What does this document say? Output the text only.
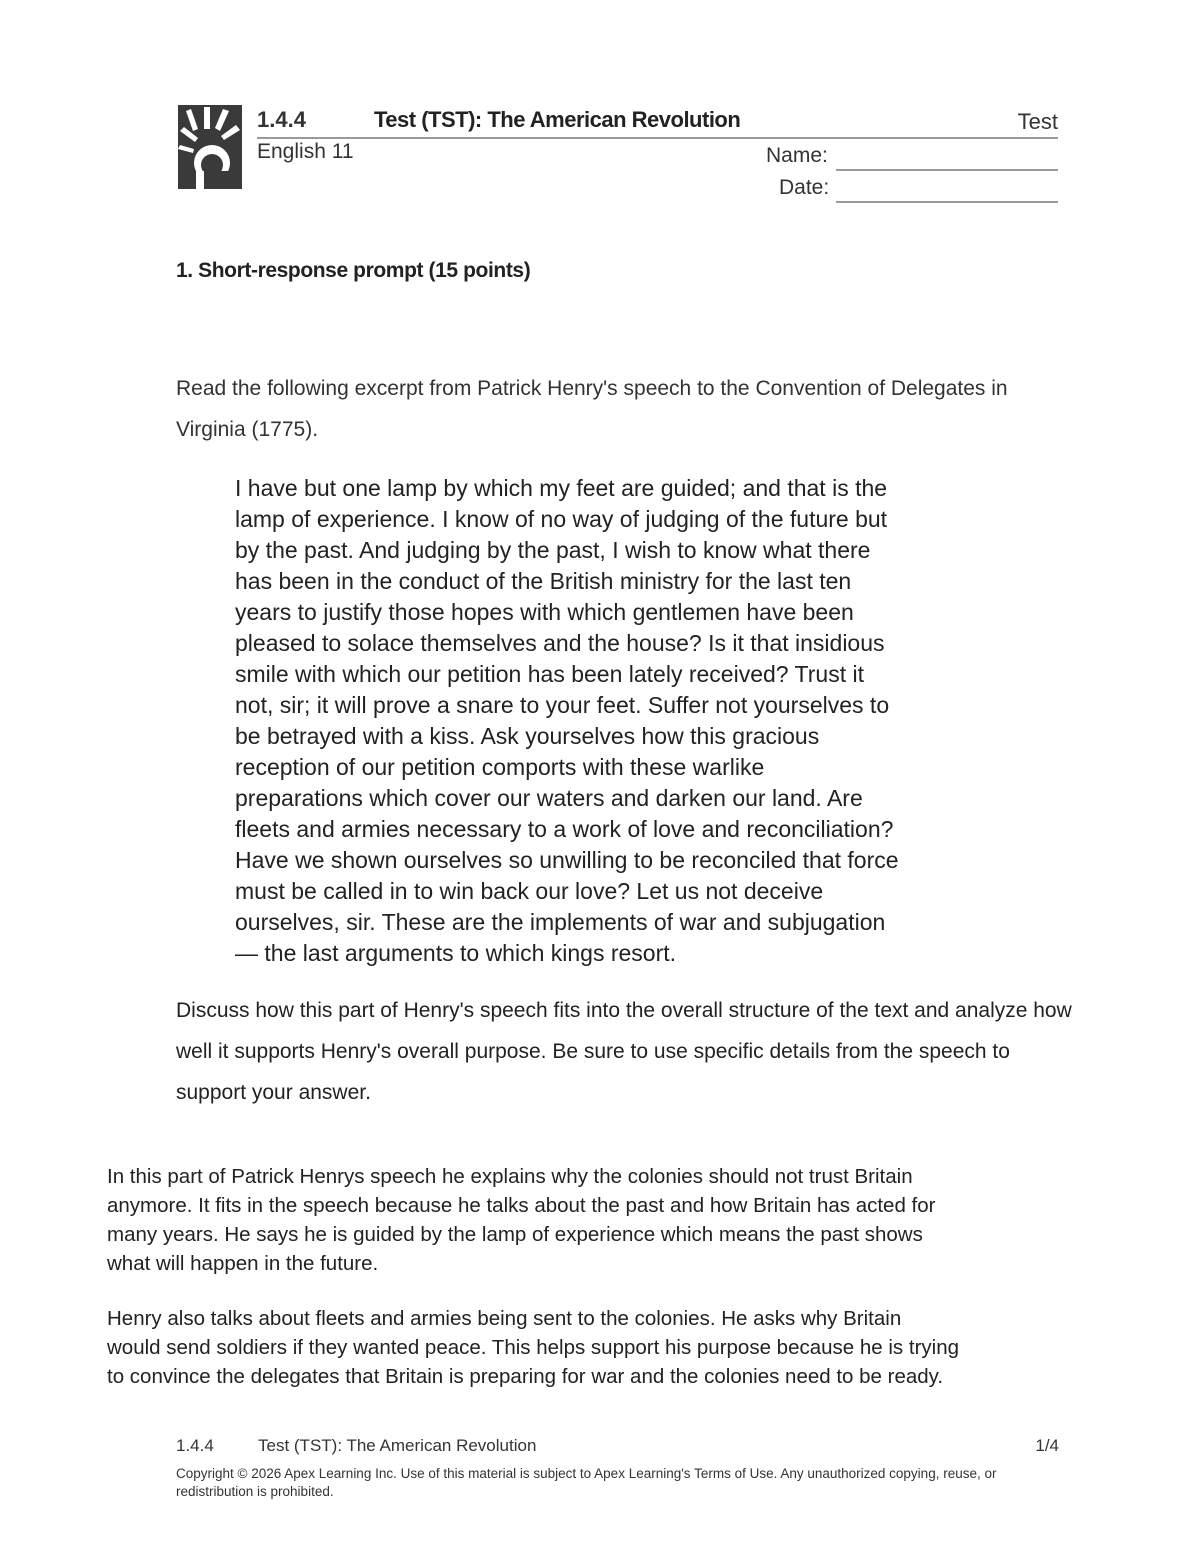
1.4.4	Test (TST): The American Revolution	Test
English 11	Name:
Date:
1. Short-response prompt (15 points)
Read the following excerpt from Patrick Henry's speech to the Convention of Delegates in Virginia (1775).
I have but one lamp by which my feet are guided; and that is the
lamp of experience. I know of no way of judging of the future but
by the past. And judging by the past, I wish to know what there
has been in the conduct of the British ministry for the last ten
years to justify those hopes with which gentlemen have been
pleased to solace themselves and the house? Is it that insidious
smile with which our petition has been lately received? Trust it
not, sir; it will prove a snare to your feet. Suffer not yourselves to
be betrayed with a kiss. Ask yourselves how this gracious
reception of our petition comports with these warlike
preparations which cover our waters and darken our land. Are
fleets and armies necessary to a work of love and reconciliation?
Have we shown ourselves so unwilling to be reconciled that force
must be called in to win back our love? Let us not deceive
ourselves, sir. These are the implements of war and subjugation
— the last arguments to which kings resort.
Discuss how this part of Henry's speech fits into the overall structure of the text and analyze how well it supports Henry's overall purpose. Be sure to use specific details from the speech to support your answer.
In this part of Patrick Henrys speech he explains why the colonies should not trust Britain
anymore. It fits in the speech because he talks about the past and how Britain has acted for
many years. He says he is guided by the lamp of experience which means the past shows
what will happen in the future.
Henry also talks about fleets and armies being sent to the colonies. He asks why Britain
would send soldiers if they wanted peace. This helps support his purpose because he is trying
to convince the delegates that Britain is preparing for war and the colonies need to be ready.
1.4.4	Test (TST): The American Revolution	1/4
Copyright © 2026 Apex Learning Inc. Use of this material is subject to Apex Learning's Terms of Use. Any unauthorized copying, reuse, or redistribution is prohibited.
